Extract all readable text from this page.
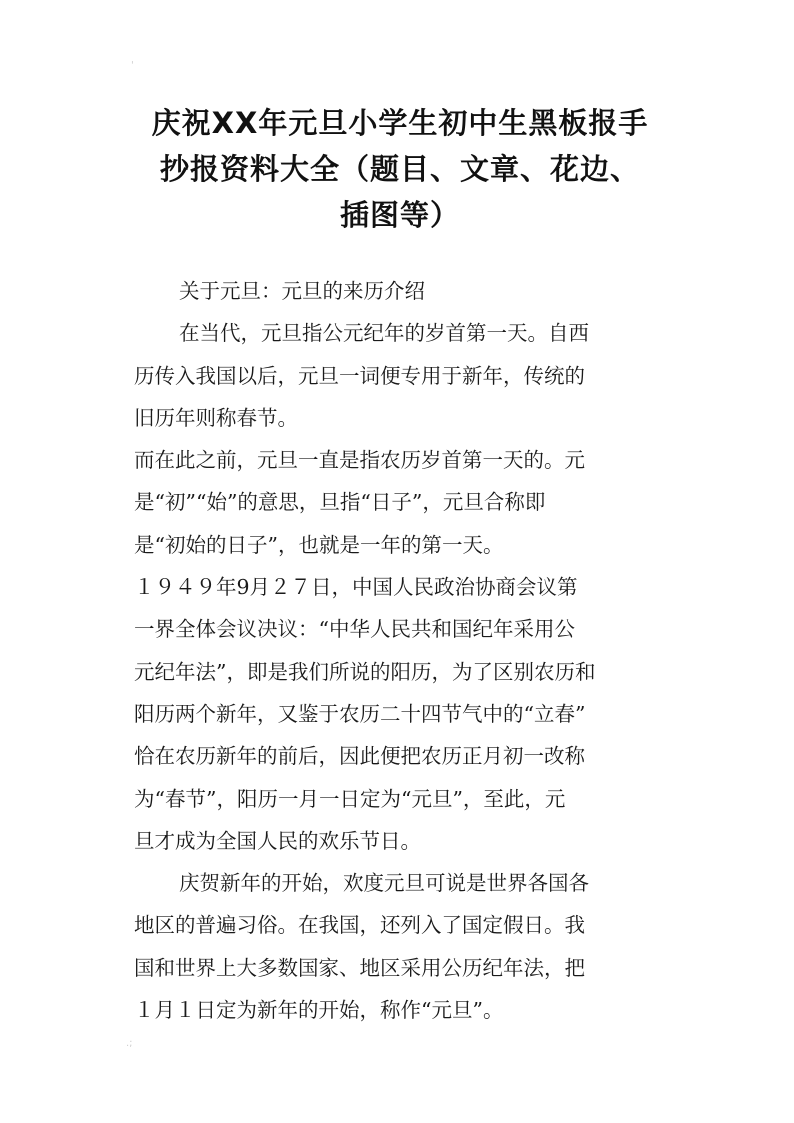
'
庆祝XX年元旦小学生初中生黑板报手
抄报资料大全（题目、文章、花边、
插图等）
关于元旦：元旦的来历介绍
在当代，元旦指公元纪年的岁首第一天。自西
历传入我国以后，元旦一词便专用于新年，传统的
旧历年则称春节。
而在此之前，元旦一直是指农历岁首第一天的。元
是“初”“始”的意思，旦指“日子”，元旦合称即
是“初始的日子”，也就是一年的第一天。
１９４９年9月２７日，中国人民政治协商会议第
一界全体会议决议：“中华人民共和国纪年采用公
元纪年法”，即是我们所说的阳历，为了区别农历和
阳历两个新年，又鉴于农历二十四节气中的“立春”
恰在农历新年的前后，因此便把农历正月初一改称
为“春节”，阳历一月一日定为“元旦”，至此，元
旦才成为全国人民的欢乐节日。
庆贺新年的开始，欢度元旦可说是世界各国各
地区的普遍习俗。在我国，还列入了国定假日。我
国和世界上大多数国家、地区采用公历纪年法，把
１月１日定为新年的开始，称作“元旦”。
.;
